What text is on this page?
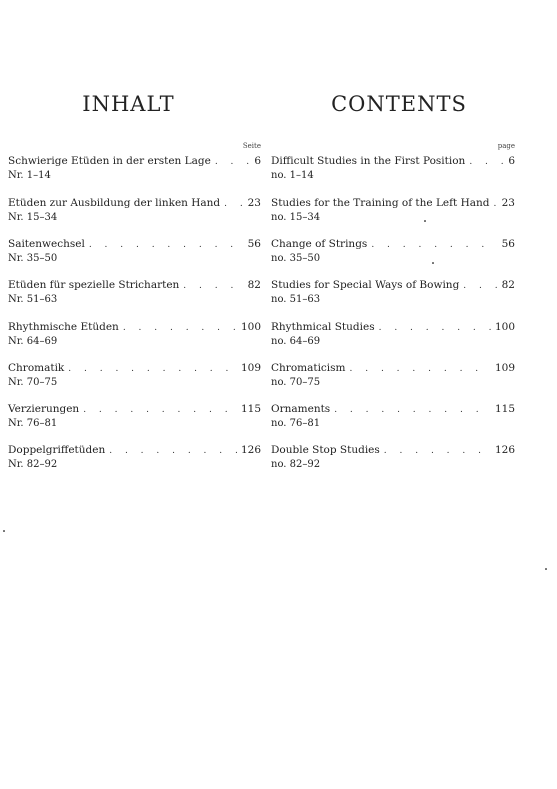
INHALT
Seite
Schwierige Etüden in der ersten Lage . . .	6
Nr. 1–14
Etüden zur Ausbildung der linken Hand . . .	23
Nr. 15–34
Saitenwechsel . . .	56
Nr. 35–50
Etüden für spezielle Stricharten . . .	82
Nr. 51–63
Rhythmische Etüden . . .	100
Nr. 64–69
Chromatik . . .	109
Nr. 70–75
Verzierungen . . .	115
Nr. 76–81
Doppelgriffetüden . . .	126
Nr. 82–92
CONTENTS
page
Difficult Studies in the First Position . . .	6
no. 1–14
Studies for the Training of the Left Hand . . . 23
no. 15–34
Change of Strings . . .	56
no. 35–50
Studies for Special Ways of Bowing . . .	82
no. 51–63
Rhythmical Studies . . .	100
no. 64–69
Chromaticism . . .	109
no. 70–75
Ornaments . . .	115
no. 76–81
Double Stop Studies . . .	126
no. 82–92
